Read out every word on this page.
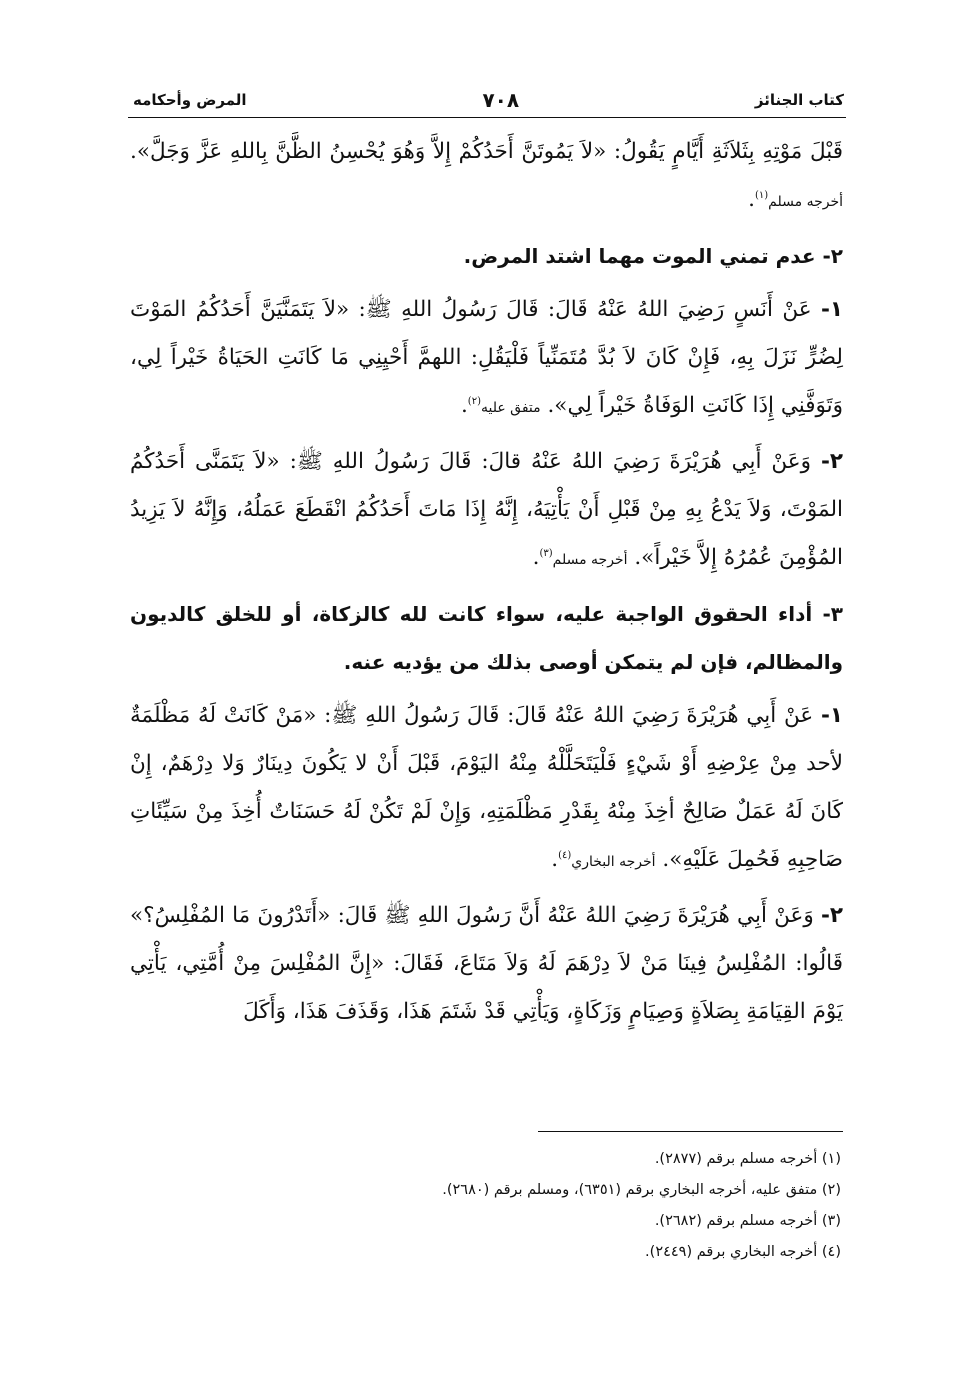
كتاب الجنائز
٧٠٨
المرض وأحكامه

قَبْلَ مَوْتِهِ بِثَلاَثَةِ أَيَّامٍ يَقُولُ: «لاَ يَمُوتَنَّ أَحَدُكُمْ إِلاَّ وَهُوَ يُحْسِنُ الظَّنَّ بِاللهِ عَزَّ وَجَلَّ». أخرجه مسلم$^{(١)}$.

٢- عدم تمني الموت مهما اشتد المرض.

١- عَنْ أَنَسٍ رَضِيَ اللهُ عَنْهُ قَالَ: قَالَ رَسُولُ اللهِ ﷺ: «لاَ يَتَمَنَّيَنَّ أَحَدُكُمُ المَوْتَ لِضُرٍّ نَزَلَ بِهِ، فَإِنْ كَانَ لاَ بُدَّ مُتَمَنِّياً فَلْيَقُلِ: اللهمَّ أَحْيِنِي مَا كَانَتِ الحَيَاةُ خَيْراً لِي، وَتَوَفَّنِي إِذَا كَانَتِ الوَفَاةُ خَيْراً لِي». متفق عليه$^{(٢)}$.

٢- وَعَنْ أَبِي هُرَيْرَةَ رَضِيَ اللهُ عَنْهُ قالَ: قَالَ رَسُولُ اللهِ ﷺ: «لاَ يَتَمَنَّى أَحَدُكُمُ المَوْتَ، وَلاَ يَدْعُ بِهِ مِنْ قَبْلِ أَنْ يَأْتِيَهُ، إِنَّهُ إِذَا مَاتَ أَحَدُكُمُ انْقَطَعَ عَمَلُهُ، وَإِنَّهُ لاَ يَزِيدُ المُؤْمِنَ عُمُرُهُ إِلاَّ خَيْراً». أخرجه مسلم$^{(٣)}$.

٣- أداء الحقوق الواجبة عليه، سواء كانت لله كالزكاة، أو للخلق كالديون والمظالم، فإن لم يتمكن أوصى بذلك من يؤديه عنه.

١- عَنْ أَبِي هُرَيْرَةَ رَضِيَ اللهُ عَنْهُ قَالَ: قَالَ رَسُولُ اللهِ ﷺ: «مَنْ كَانَتْ لَهُ مَظْلَمَةٌ لأحد مِنْ عِرْضِهِ أَوْ شَيْءٍ فَلْيَتَحَلَّلْهُ مِنْهُ اليَوْمَ، قَبْلَ أَنْ لا يَكُونَ دِينَارٌ وَلا دِرْهَمٌ، إِنْ كَانَ لَهُ عَمَلٌ صَالِحٌ أخِذَ مِنْهُ بِقَدْرِ مَظْلَمَتِهِ، وَإِنْ لَمْ تَكُنْ لَهُ حَسَنَاتٌ أُخِذَ مِنْ سَيِّئَاتِ صَاحِبِهِ فَحُمِلَ عَلَيْهِ». أخرجه البخاري$^{(٤)}$.

٢- وَعَنْ أَبِي هُرَيْرَةَ رَضِيَ اللهُ عَنْهُ أَنَّ رَسُولَ اللهِ ﷺ قَالَ: «أَتَدْرُونَ مَا المُفْلِسُ؟» قَالُوا: المُفْلِسُ فِينَا مَنْ لاَ دِرْهَمَ لَهُ وَلاَ مَتَاعَ، فَقَالَ: «إِنَّ المُفْلِسَ مِنْ أُمَّتِي، يَأْتِي يَوْمَ القِيَامَةِ بِصَلاَةٍ وَصِيَامٍ وَزَكَاةٍ، وَيَأْتِي قَدْ شَتَمَ هَذَا، وَقَذَفَ هَذَا، وَأَكَلَ

(١) أخرجه مسلم برقم (٢٨٧٧).

(٢) متفق عليه، أخرجه البخاري برقم (٦٣٥١)، ومسلم برقم (٢٦٨٠).

(٣) أخرجه مسلم برقم (٢٦٨٢).

(٤) أخرجه البخاري برقم (٢٤٤٩).
